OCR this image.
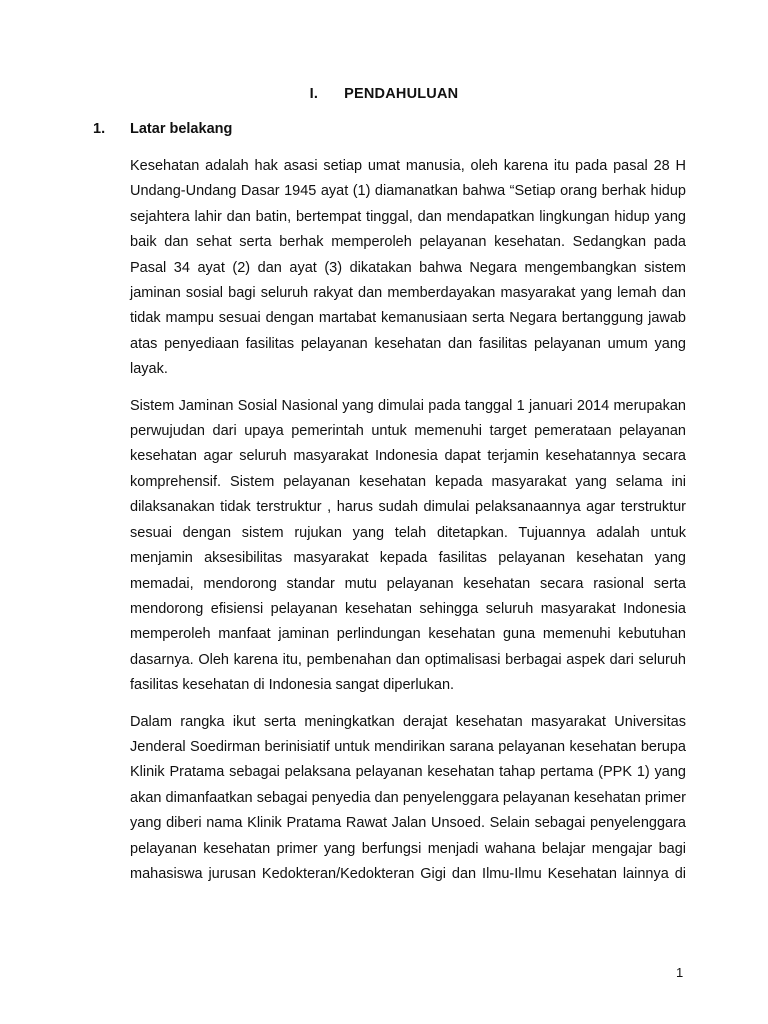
I. PENDAHULUAN
1. Latar belakang

Kesehatan adalah hak asasi setiap umat manusia, oleh karena itu pada pasal 28 H Undang-Undang Dasar 1945 ayat (1) diamanatkan bahwa “Setiap orang berhak hidup sejahtera lahir dan batin, bertempat tinggal, dan mendapatkan lingkungan hidup yang baik dan sehat serta berhak memperoleh pelayanan kesehatan. Sedangkan pada Pasal 34 ayat (2) dan ayat (3) dikatakan bahwa Negara mengembangkan sistem jaminan sosial bagi seluruh rakyat dan memberdayakan masyarakat yang lemah dan tidak mampu sesuai dengan martabat kemanusiaan serta Negara bertanggung jawab atas penyediaan fasilitas pelayanan kesehatan dan fasilitas pelayanan umum yang layak.

Sistem Jaminan Sosial Nasional yang dimulai pada tanggal 1 januari 2014 merupakan perwujudan dari upaya pemerintah untuk memenuhi target pemerataan pelayanan kesehatan agar seluruh masyarakat Indonesia dapat terjamin kesehatannya secara komprehensif. Sistem pelayanan kesehatan kepada masyarakat yang selama ini dilaksanakan tidak terstruktur , harus sudah dimulai pelaksanaannya agar terstruktur sesuai dengan sistem rujukan yang telah ditetapkan. Tujuannya adalah untuk menjamin aksesibilitas masyarakat kepada fasilitas pelayanan kesehatan yang memadai, mendorong standar mutu pelayanan kesehatan secara rasional serta mendorong efisiensi pelayanan kesehatan sehingga seluruh masyarakat Indonesia memperoleh manfaat jaminan perlindungan kesehatan guna memenuhi kebutuhan dasarnya. Oleh karena itu, pembenahan dan optimalisasi berbagai aspek dari seluruh fasilitas kesehatan di Indonesia sangat diperlukan.

Dalam rangka ikut serta meningkatkan derajat kesehatan masyarakat Universitas Jenderal Soedirman berinisiatif untuk mendirikan sarana pelayanan kesehatan berupa Klinik Pratama sebagai pelaksana pelayanan kesehatan tahap pertama (PPK 1) yang akan dimanfaatkan sebagai penyedia dan penyelenggara pelayanan kesehatan primer yang diberi nama Klinik Pratama Rawat Jalan Unsoed. Selain sebagai penyelenggara pelayanan kesehatan primer yang berfungsi menjadi wahana belajar mengajar bagi mahasiswa jurusan Kedokteran/Kedokteran Gigi dan Ilmu-Ilmu Kesehatan lainnya di

1
